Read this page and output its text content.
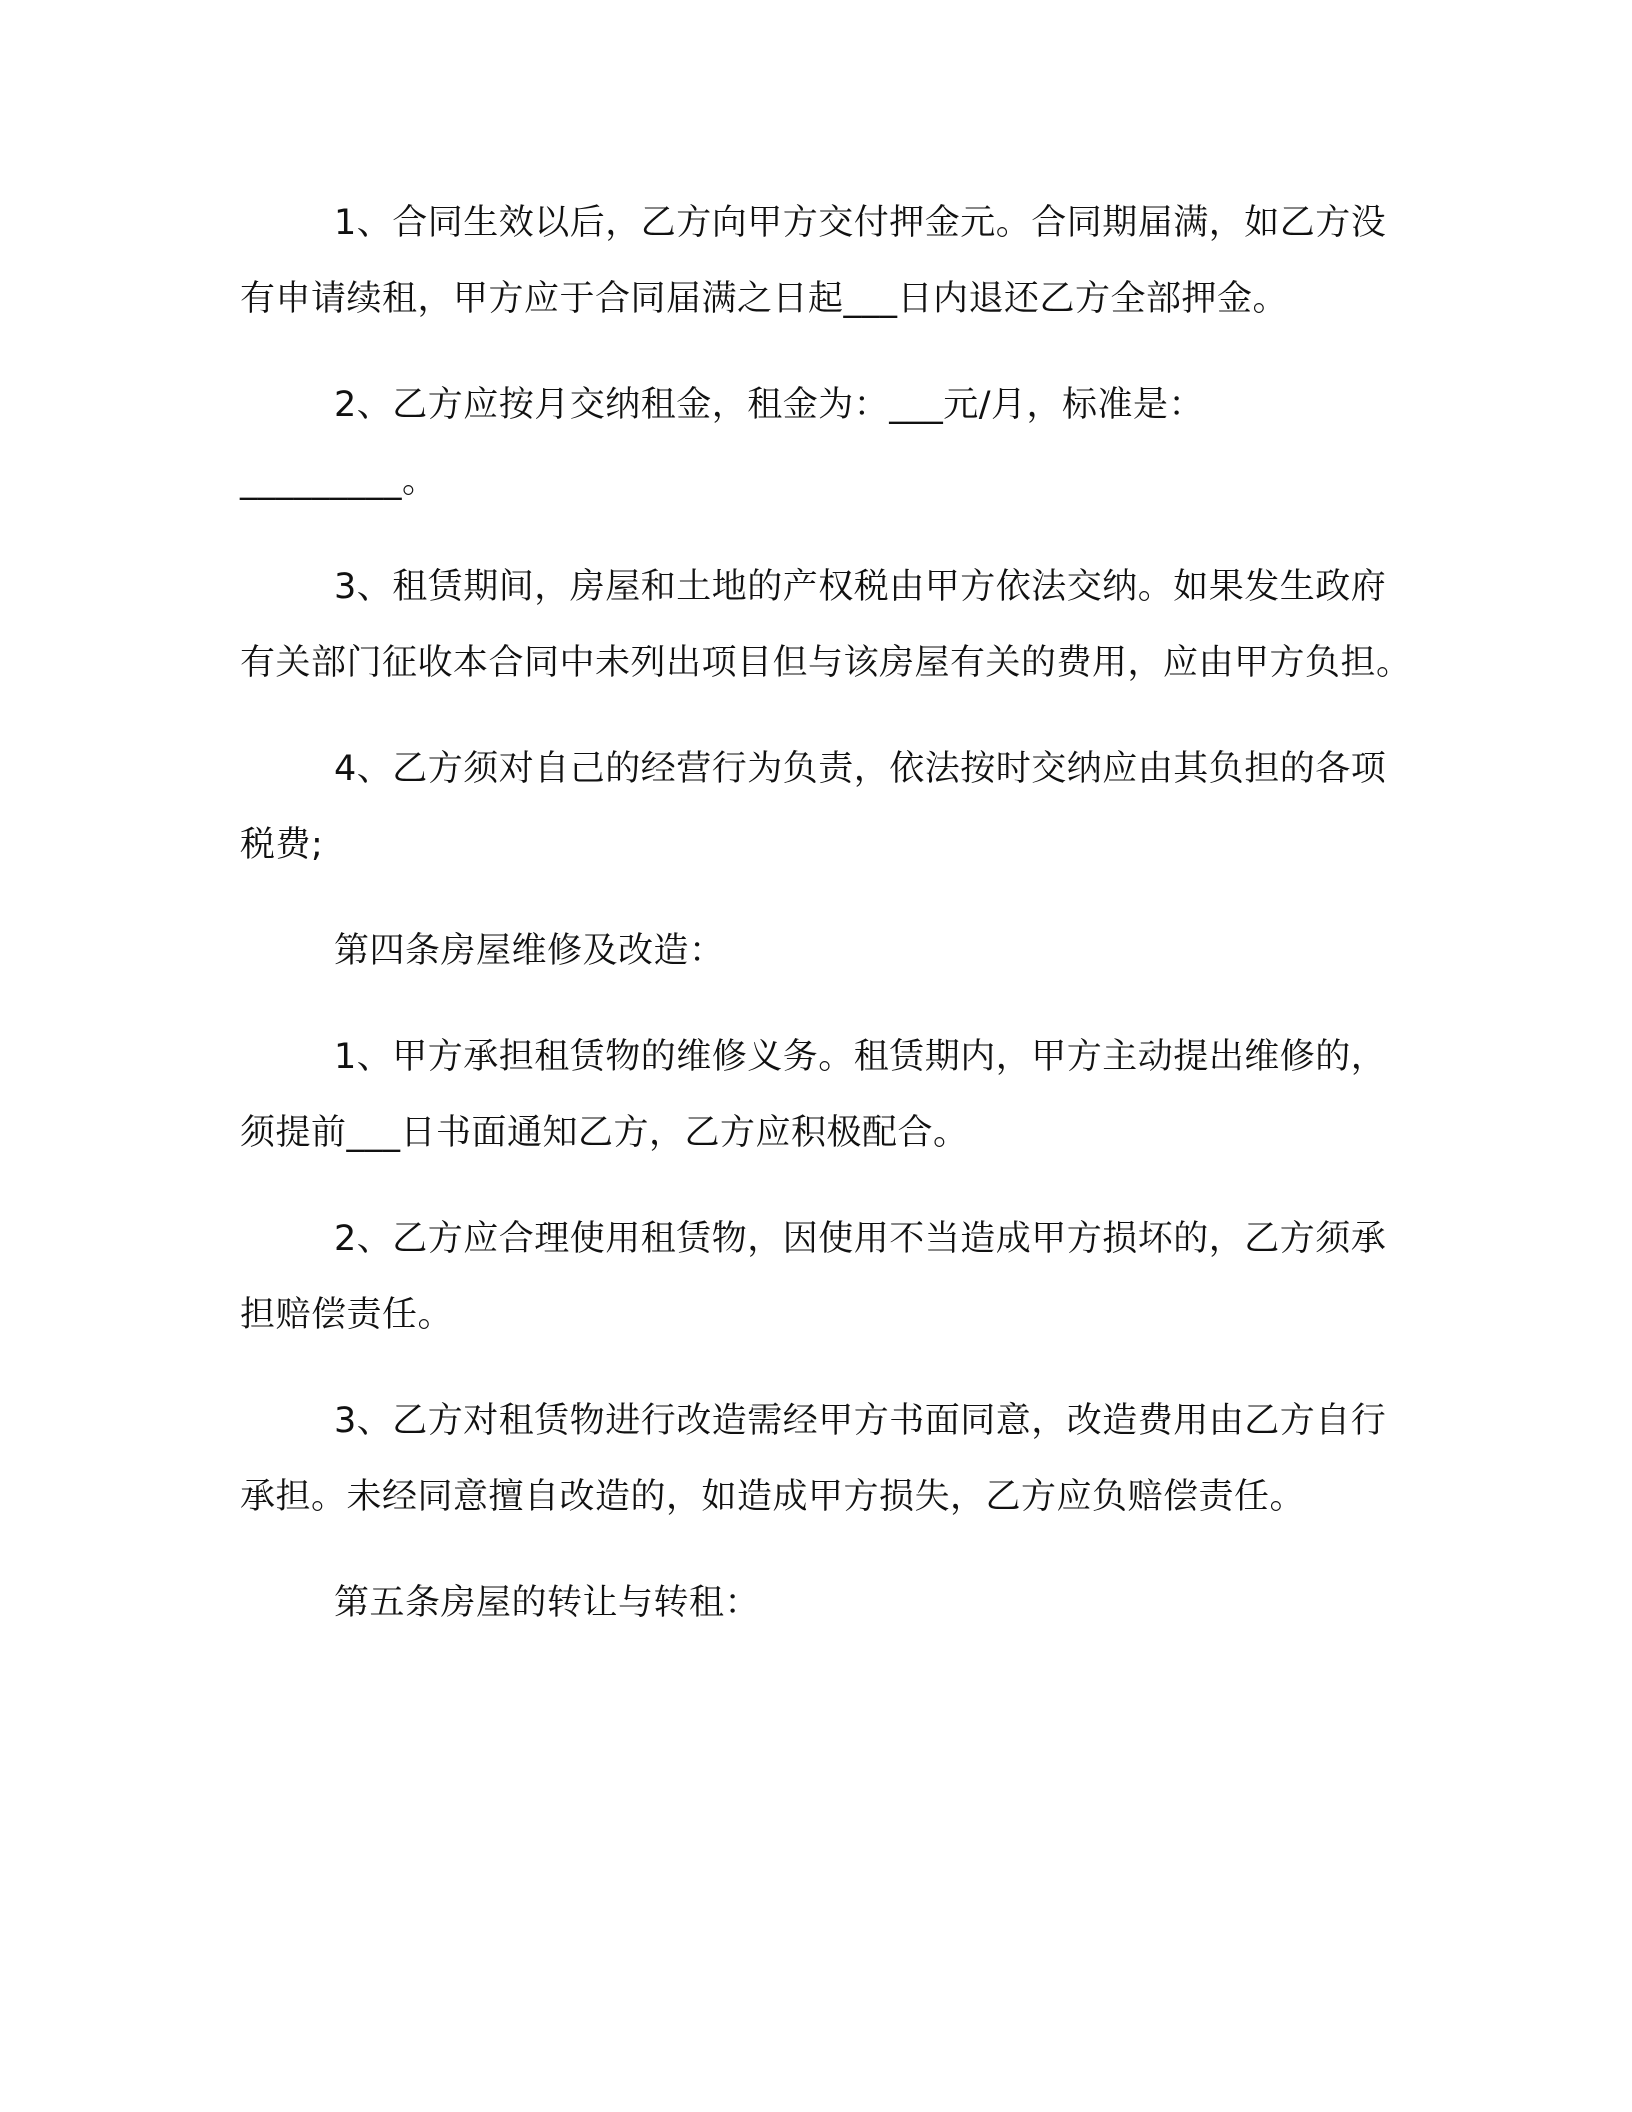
1、合同生效以后，乙方向甲方交付押金元。合同期届满，如乙方没有申请续租，甲方应于合同届满之日起___日内退还乙方全部押金。

2、乙方应按月交纳租金，租金为：___元/月，标准是：

_________。

3、租赁期间，房屋和土地的产权税由甲方依法交纳。如果发生政府有关部门征收本合同中未列出项目但与该房屋有关的费用，应由甲方负担。

4、乙方须对自己的经营行为负责，依法按时交纳应由其负担的各项税费;

第四条房屋维修及改造：

1、甲方承担租赁物的维修义务。租赁期内，甲方主动提出维修的，须提前___日书面通知乙方，乙方应积极配合。

2、乙方应合理使用租赁物，因使用不当造成甲方损坏的，乙方须承担赔偿责任。

3、乙方对租赁物进行改造需经甲方书面同意，改造费用由乙方自行承担。未经同意擅自改造的，如造成甲方损失，乙方应负赔偿责任。

第五条房屋的转让与转租：
